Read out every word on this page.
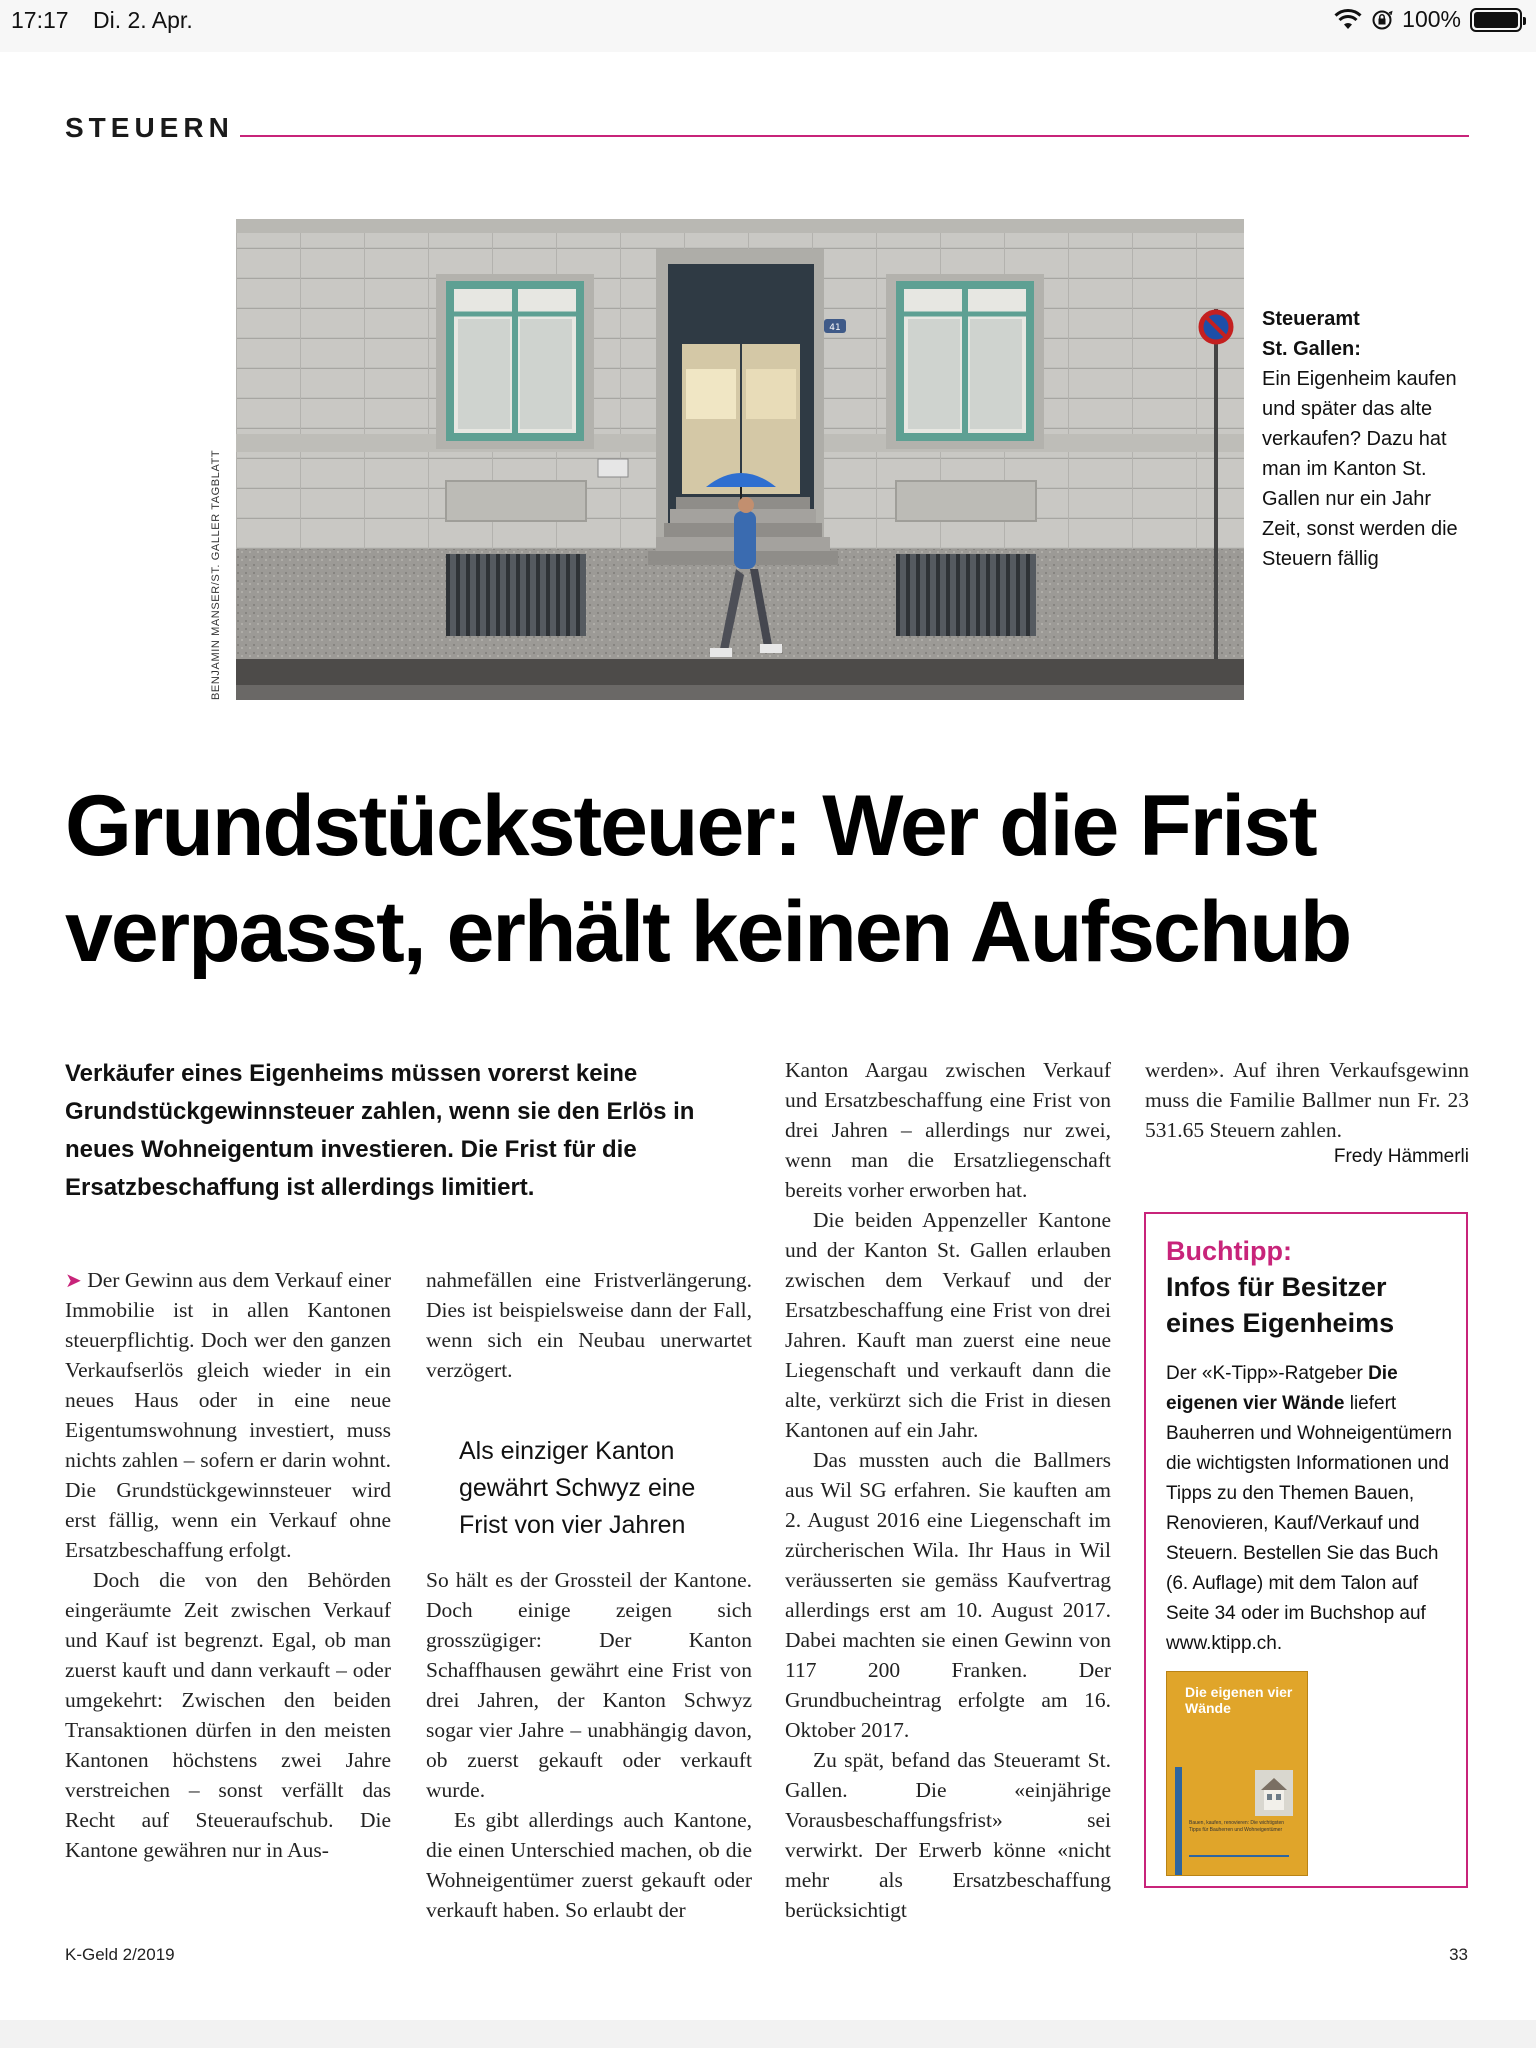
17:17 Di. 2. Apr.	100%
STEUERN
41
BENJAMIN MANSER/ST. GALLER TAGBLATT
Steueramt
St. Gallen:
Ein Eigenheim kaufen und später das alte verkaufen? Dazu hat man im Kanton St. Gallen nur ein Jahr Zeit, sonst werden die Steuern fällig
Grundstücksteuer: Wer die Frist verpasst, erhält keinen Aufschub
Verkäufer eines Eigenheims müssen vorerst keine Grundstückgewinnsteuer zahlen, wenn sie den Erlös in neues Wohneigentum investieren. Die Frist für die Ersatzbeschaffung ist allerdings limitiert.

➤ Der Gewinn aus dem Verkauf einer Immobilie ist in allen Kantonen steuerpflichtig. Doch wer den ganzen Verkaufserlös gleich wieder in ein neues Haus oder in eine neue Eigentumswohnung investiert, muss nichts zahlen – sofern er darin wohnt. Die Grundstückgewinnsteuer wird erst fällig, wenn ein Verkauf ohne Ersatzbeschaffung erfolgt.

Doch die von den Behörden eingeräumte Zeit zwischen Verkauf und Kauf ist begrenzt. Egal, ob man zuerst kauft und dann verkauft – oder umgekehrt: Zwischen den beiden Transaktionen dürfen in den meisten Kantonen höchstens zwei Jahre verstreichen – sonst verfällt das Recht auf Steueraufschub. Die Kantone gewähren nur in Aus-

nahmefällen eine Fristverlängerung. Dies ist beispielsweise dann der Fall, wenn sich ein Neubau unerwartet verzögert.

Als einziger Kanton gewährt Schwyz eine Frist von vier Jahren

So hält es der Grossteil der Kantone. Doch einige zeigen sich grosszügiger: Der Kanton Schaffhausen gewährt eine Frist von drei Jahren, der Kanton Schwyz sogar vier Jahre – unabhängig davon, ob zuerst gekauft oder verkauft wurde.

Es gibt allerdings auch Kantone, die einen Unterschied machen, ob die Wohneigentümer zuerst gekauft oder verkauft haben. So erlaubt der

Kanton Aargau zwischen Verkauf und Ersatzbeschaffung eine Frist von drei Jahren – allerdings nur zwei, wenn man die Ersatzliegenschaft bereits vorher erworben hat.

Die beiden Appenzeller Kantone und der Kanton St. Gallen erlauben zwischen dem Verkauf und der Ersatzbeschaffung eine Frist von drei Jahren. Kauft man zuerst eine neue Liegenschaft und verkauft dann die alte, verkürzt sich die Frist in diesen Kantonen auf ein Jahr.

Das mussten auch die Ballmers aus Wil SG erfahren. Sie kauften am 2. August 2016 eine Liegenschaft im zürcherischen Wila. Ihr Haus in Wil veräusserten sie gemäss Kaufvertrag allerdings erst am 10. August 2017. Dabei machten sie einen Gewinn von 117 200 Franken. Der Grundbucheintrag erfolgte am 16. Oktober 2017.

Zu spät, befand das Steueramt St. Gallen. Die «einjährige Vorausbeschaffungsfrist» sei verwirkt. Der Erwerb könne «nicht mehr als Ersatzbeschaffung berücksichtigt

werden». Auf ihren Verkaufsgewinn muss die Familie Ballmer nun Fr. 23 531.65 Steuern zahlen.

Fredy Hämmerli
Buchtipp:
Infos für Besitzer eines Eigenheims
Der «K-Tipp»-Ratgeber Die eigenen vier Wände liefert Bauherren und Wohneigentümern die wichtigsten Informationen und Tipps zu den Themen Bauen, Renovieren, Kauf/Verkauf und Steuern. Bestellen Sie das Buch (6. Auflage) mit dem Talon auf Seite 34 oder im Buchshop auf www.ktipp.ch.
Die eigenen vier Wände
Bauen, kaufen, renovieren: Die wichtigsten Tipps für Bauherren und Wohneigentümer
K-Geld 2/2019	33
